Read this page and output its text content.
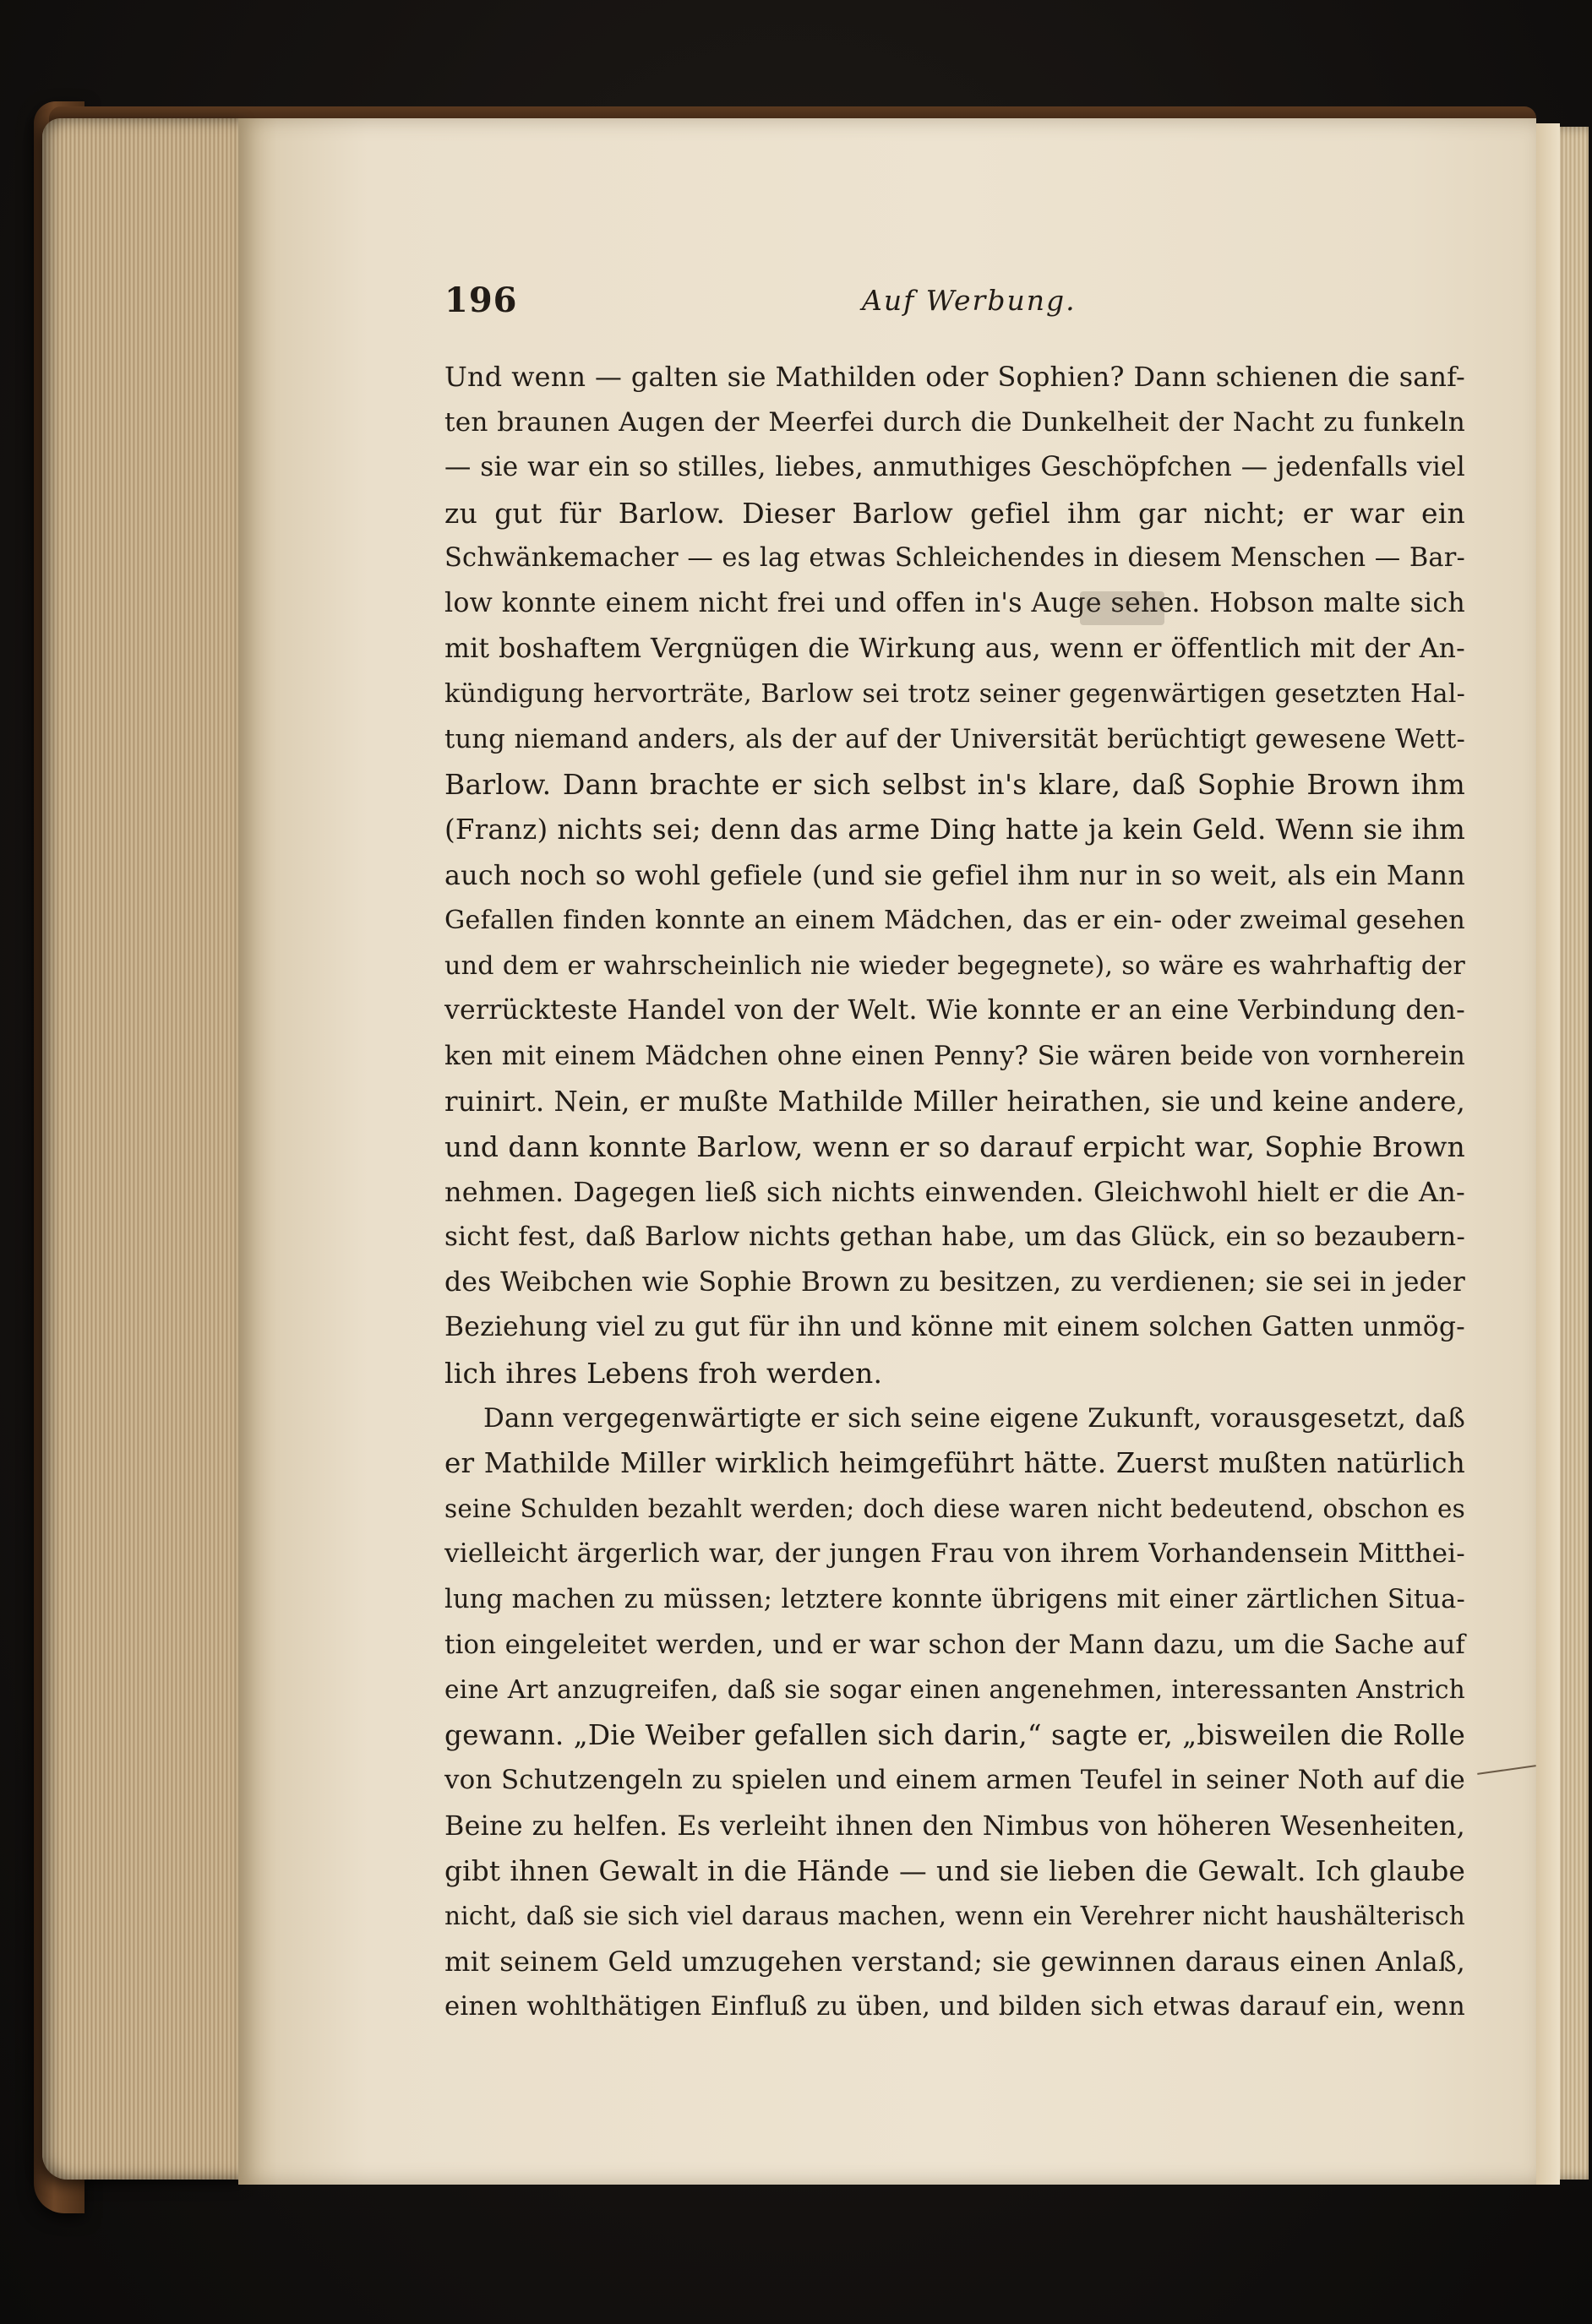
196	Auf Werbung.
Und wenn — galten sie Mathilden oder Sophien? Dann schienen die sanf-
ten braunen Augen der Meerfei durch die Dunkelheit der Nacht zu funkeln
— sie war ein so stilles, liebes, anmuthiges Geschöpfchen — jedenfalls viel
zu gut für Barlow. Dieser Barlow gefiel ihm gar nicht; er war ein
Schwänkemacher — es lag etwas Schleichendes in diesem Menschen — Bar-
low konnte einem nicht frei und offen in's Auge sehen. Hobson malte sich
mit boshaftem Vergnügen die Wirkung aus, wenn er öffentlich mit der An-
kündigung hervorträte, Barlow sei trotz seiner gegenwärtigen gesetzten Hal-
tung niemand anders, als der auf der Universität berüchtigt gewesene Wett-
Barlow. Dann brachte er sich selbst in's klare, daß Sophie Brown ihm
(Franz) nichts sei; denn das arme Ding hatte ja kein Geld. Wenn sie ihm
auch noch so wohl gefiele (und sie gefiel ihm nur in so weit, als ein Mann
Gefallen finden konnte an einem Mädchen, das er ein- oder zweimal gesehen
und dem er wahrscheinlich nie wieder begegnete), so wäre es wahrhaftig der
verrückteste Handel von der Welt. Wie konnte er an eine Verbindung den-
ken mit einem Mädchen ohne einen Penny? Sie wären beide von vornherein
ruinirt. Nein, er mußte Mathilde Miller heirathen, sie und keine andere,
und dann konnte Barlow, wenn er so darauf erpicht war, Sophie Brown
nehmen. Dagegen ließ sich nichts einwenden. Gleichwohl hielt er die An-
sicht fest, daß Barlow nichts gethan habe, um das Glück, ein so bezaubern-
des Weibchen wie Sophie Brown zu besitzen, zu verdienen; sie sei in jeder
Beziehung viel zu gut für ihn und könne mit einem solchen Gatten unmög-
lich ihres Lebens froh werden.
Dann vergegenwärtigte er sich seine eigene Zukunft, vorausgesetzt, daß
er Mathilde Miller wirklich heimgeführt hätte. Zuerst mußten natürlich
seine Schulden bezahlt werden; doch diese waren nicht bedeutend, obschon es
vielleicht ärgerlich war, der jungen Frau von ihrem Vorhandensein Mitthei-
lung machen zu müssen; letztere konnte übrigens mit einer zärtlichen Situa-
tion eingeleitet werden, und er war schon der Mann dazu, um die Sache auf
eine Art anzugreifen, daß sie sogar einen angenehmen, interessanten Anstrich
gewann. „Die Weiber gefallen sich darin,“ sagte er, „bisweilen die Rolle
von Schutzengeln zu spielen und einem armen Teufel in seiner Noth auf die
Beine zu helfen. Es verleiht ihnen den Nimbus von höheren Wesenheiten,
gibt ihnen Gewalt in die Hände — und sie lieben die Gewalt. Ich glaube
nicht, daß sie sich viel daraus machen, wenn ein Verehrer nicht haushälterisch
mit seinem Geld umzugehen verstand; sie gewinnen daraus einen Anlaß,
einen wohlthätigen Einfluß zu üben, und bilden sich etwas darauf ein, wenn
